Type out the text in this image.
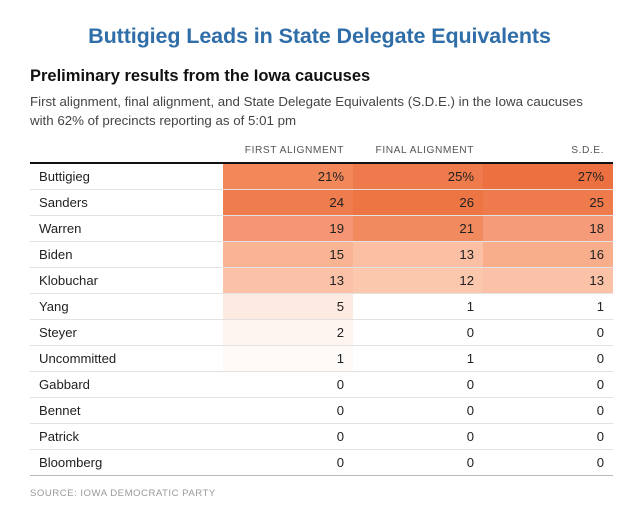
Buttigieg Leads in State Delegate Equivalents
Preliminary results from the Iowa caucuses
First alignment, final alignment, and State Delegate Equivalents (S.D.E.) in the Iowa caucuses with 62% of precincts reporting as of 5:01 pm
	FIRST ALIGNMENT	FINAL ALIGNMENT	S.D.E.
Buttigieg	21%	25%	27%
Sanders	24	26	25
Warren	19	21	18
Biden	15	13	16
Klobuchar	13	12	13
Yang	5	1	1
Steyer	2	0	0
Uncommitted	1	1	0
Gabbard	0	0	0
Bennet	0	0	0
Patrick	0	0	0
Bloomberg	0	0	0
SOURCE: IOWA DEMOCRATIC PARTY
